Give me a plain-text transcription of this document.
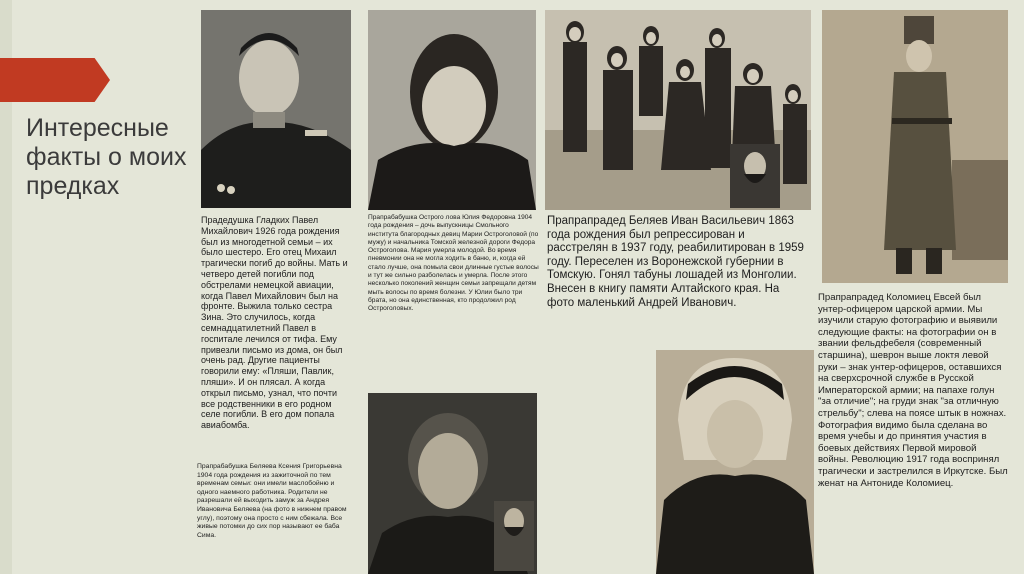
Интересные факты о моих предках
Прадедушка Гладких Павел Михайлович 1926 года рождения был из многодетной семьи – их было шестеро. Его отец Михаил трагически погиб до войны. Мать и четверо детей погибли под обстрелами немецкой авиации, когда Павел Михайлович был на фронте. Выжила только сестра Зина. Это случилось, когда семнадцатилетний Павел в госпитале лечился от тифа. Ему привезли письмо из дома, он был очень рад. Другие пациенты говорили ему: «Пляши, Павлик, пляши». И он плясал. А когда открыл письмо, узнал, что почти все родственники в его родном селе погибли. В его дом попала авиабомба.
Прапрабабушка Острого лова Юлия Федоровна 1904 года рождения – дочь выпускницы Смольного института благородных девиц Марии Остроголовой (по мужу) и начальника Томской железной дороги Федора Остроголова. Мария умерла молодой. Во время пневмонии она не могла ходить в баню, и, когда ей стало лучше, она помыла свои длинные густые волосы и тут же сильно разболелась и умерла. После этого несколько поколений женщин семьи запрещали детям мыть волосы по время болезни. У Юлии было три брата, но она единственная, кто продолжил род Остроголовых.
Прапрапрадед Беляев Иван Васильевич 1863 года рождения был репрессирован и расстрелян в 1937 году, реабилитирован в 1959 году. Переселен из Воронежской губернии в Томскую. Гонял табуны лошадей из Монголии. Внесен в книгу памяти Алтайского края. На фото маленький Андрей Иванович.
Прапрабабушка Беляева Ксения Григорьевна 1904 года рождения из зажиточной по тем временам семьи: они имели маслобойню и одного наемного работника. Родители не разрешали ей выходить замуж за Андрея Ивановича Беляева (на фото в нижнем правом углу), поэтому она просто с ним сбежала. Все живые потомки до сих пор называют ее баба Сима.
Прапрапрадед Коломиец Евсей был унтер-офицером царской армии. Мы изучили старую фотографию и выявили следующие факты: на фотографии он в звании фельдфебеля (современный старшина), шеврон выше локтя левой руки – знак унтер-офицеров, оставшихся на сверхсрочной службе в Русской Императорской армии; на папахе голун "за отличие"; на груди знак "за отличную стрельбу"; слева на поясе штык в ножнах. Фотография видимо была сделана во время учебы и до принятия участия в боевых действиях Первой мировой войны. Революцию 1917 года воспринял трагически и застрелился в Иркутске. Был женат на Антониде Коломиец.
